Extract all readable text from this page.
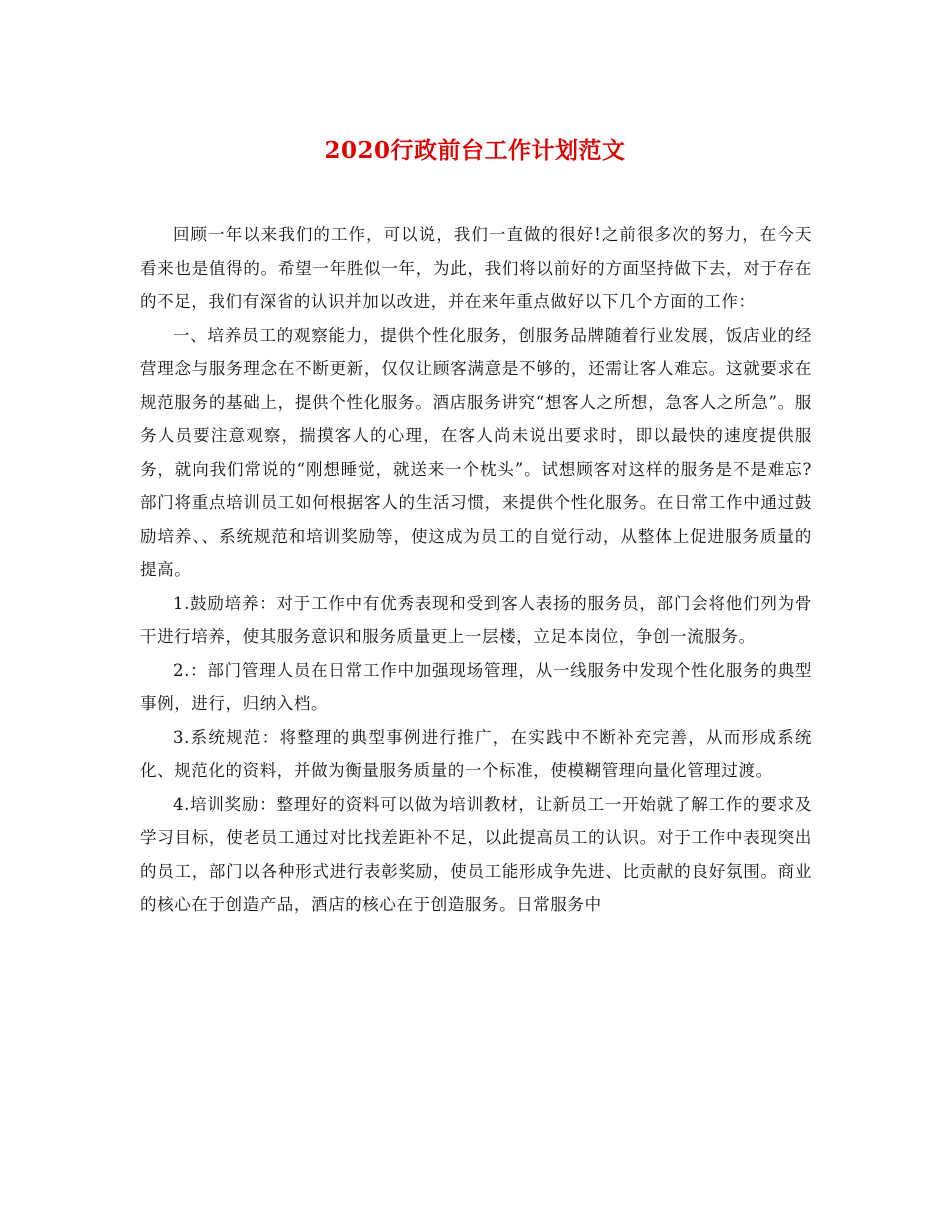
2020行政前台工作计划范文

回顾一年以来我们的工作，可以说，我们一直做的很好!之前很多次的努力，在今天看来也是值得的。希望一年胜似一年，为此，我们将以前好的方面坚持做下去，对于存在的不足，我们有深省的认识并加以改进，并在来年重点做好以下几个方面的工作：

一、培养员工的观察能力，提供个性化服务，创服务品牌随着行业发展，饭店业的经营理念与服务理念在不断更新，仅仅让顾客满意是不够的，还需让客人难忘。这就要求在规范服务的基础上，提供个性化服务。酒店服务讲究“想客人之所想，急客人之所急”。服务人员要注意观察，揣摸客人的心理，在客人尚未说出要求时，即以最快的速度提供服务，就向我们常说的“刚想睡觉，就送来一个枕头”。试想顾客对这样的服务是不是难忘?部门将重点培训员工如何根据客人的生活习惯，来提供个性化服务。在日常工作中通过鼓励培养、、系统规范和培训奖励等，使这成为员工的自觉行动，从整体上促进服务质量的提高。

1.鼓励培养：对于工作中有优秀表现和受到客人表扬的服务员，部门会将他们列为骨干进行培养，使其服务意识和服务质量更上一层楼，立足本岗位，争创一流服务。

2.：部门管理人员在日常工作中加强现场管理，从一线服务中发现个性化服务的典型事例，进行，归纳入档。

3.系统规范：将整理的典型事例进行推广，在实践中不断补充完善，从而形成系统化、规范化的资料，并做为衡量服务质量的一个标准，使模糊管理向量化管理过渡。

4.培训奖励：整理好的资料可以做为培训教材，让新员工一开始就了解工作的要求及学习目标，使老员工通过对比找差距补不足，以此提高员工的认识。对于工作中表现突出的员工，部门以各种形式进行表彰奖励，使员工能形成争先进、比贡献的良好氛围。商业的核心在于创造产品，酒店的核心在于创造服务。日常服务中
